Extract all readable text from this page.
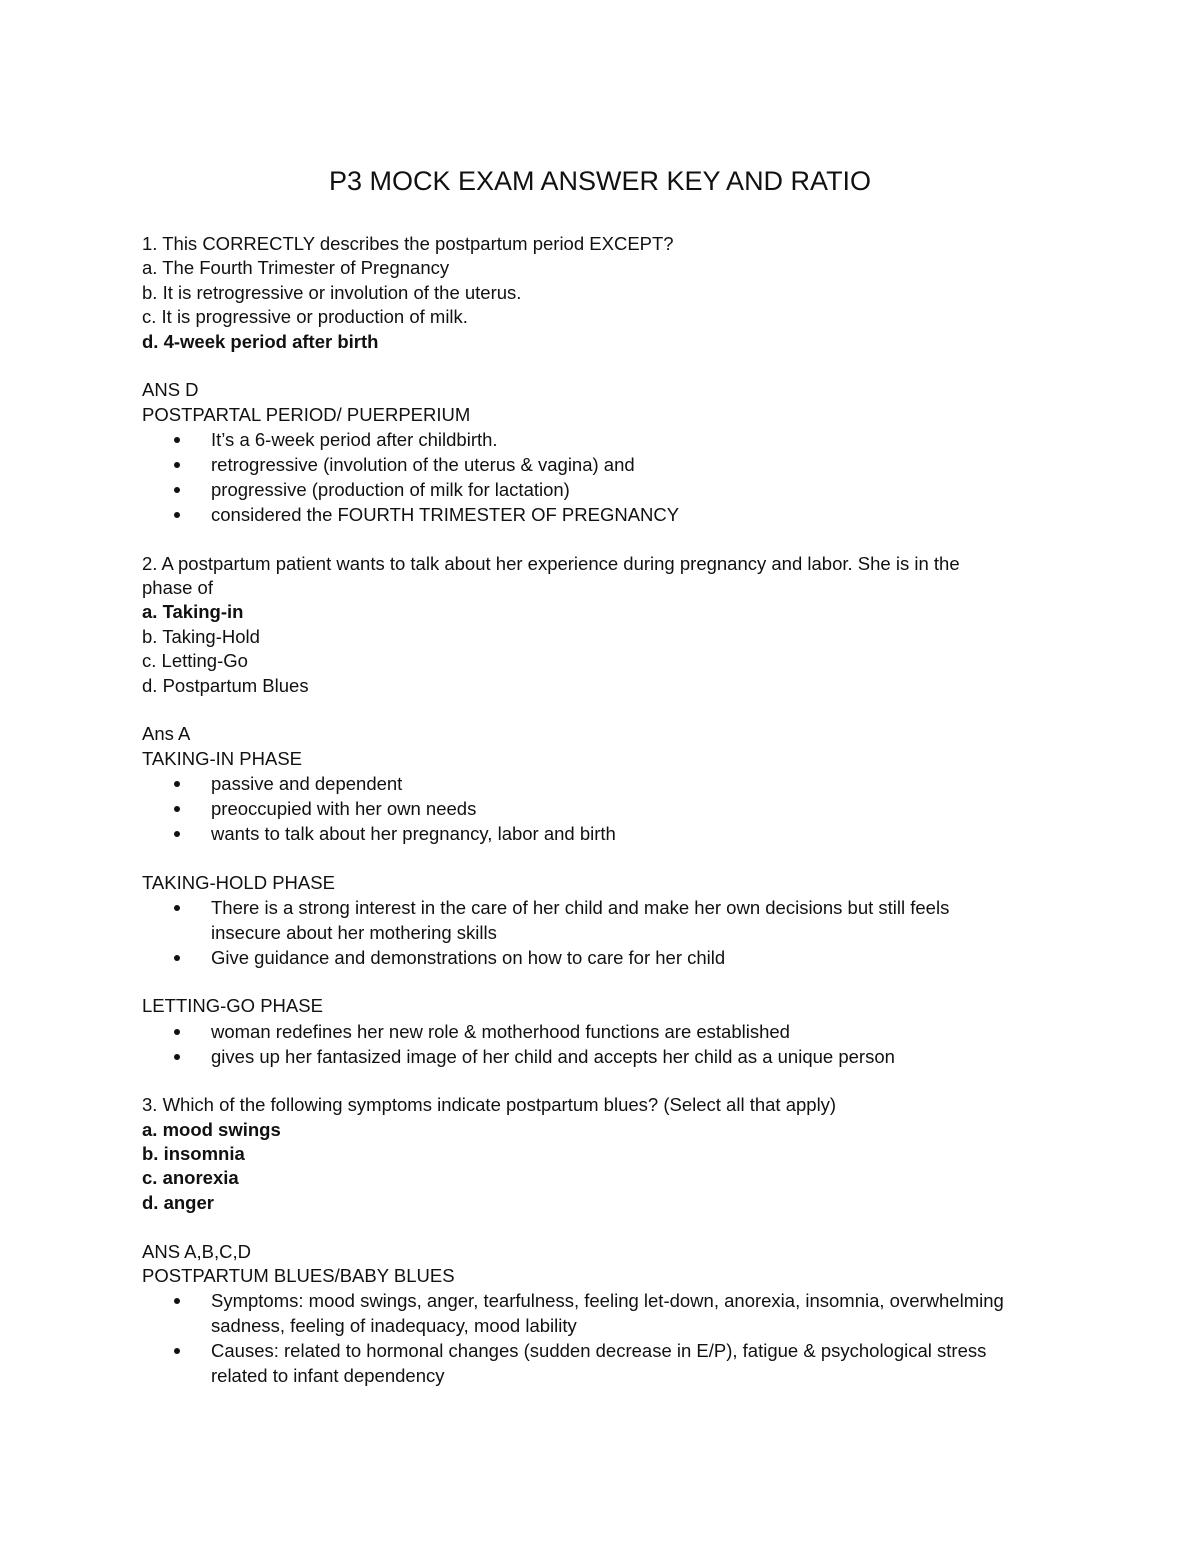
P3 MOCK EXAM ANSWER KEY AND RATIO

1. This CORRECTLY describes the postpartum period EXCEPT?

a. The Fourth Trimester of Pregnancy

b. It is retrogressive or involution of the uterus.

c. It is progressive or production of milk.

d. 4-week period after birth

ANS D

POSTPARTAL PERIOD/ PUERPERIUM

It’s a 6-week period after childbirth.
retrogressive (involution of the uterus & vagina) and
progressive (production of milk for lactation)
considered the FOURTH TRIMESTER OF PREGNANCY

2. A postpartum patient wants to talk about her experience during pregnancy and labor. She is in the

phase of

a. Taking-in

b. Taking-Hold

c. Letting-Go

d. Postpartum Blues

Ans A

TAKING-IN PHASE

passive and dependent
preoccupied with her own needs
wants to talk about her pregnancy, labor and birth

TAKING-HOLD PHASE

There is a strong interest in the care of her child and make her own decisions but still feels
insecure about her mothering skills
Give guidance and demonstrations on how to care for her child

LETTING-GO PHASE

woman redefines her new role & motherhood functions are established
gives up her fantasized image of her child and accepts her child as a unique person

3. Which of the following symptoms indicate postpartum blues? (Select all that apply)

a. mood swings

b. insomnia

c. anorexia

d. anger

ANS A,B,C,D

POSTPARTUM BLUES/BABY BLUES

Symptoms: mood swings, anger, tearfulness, feeling let-down, anorexia, insomnia, overwhelming
sadness, feeling of inadequacy, mood lability
Causes: related to hormonal changes (sudden decrease in E/P), fatigue & psychological stress
related to infant dependency
